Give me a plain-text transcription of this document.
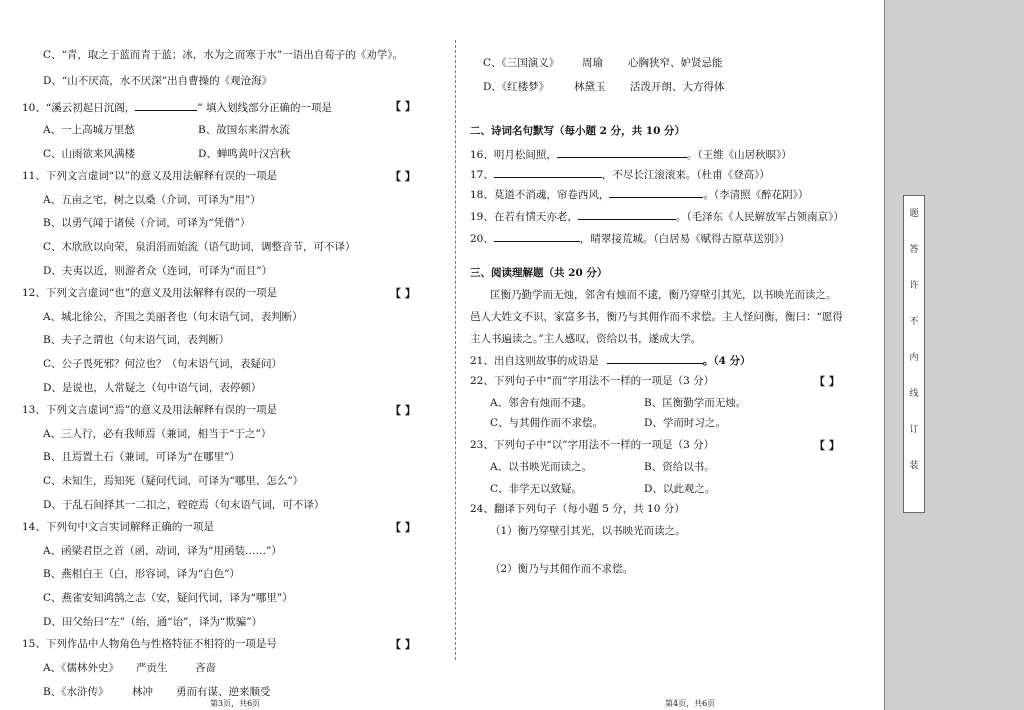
C、“青，取之于蓝而青于蓝；冰，水为之而寒于水”一语出自荀子的《劝学》。
D、“山不厌高，水不厌深”出自曹操的《观沧海》
10、“溪云初起日沉阁，	” 填入划线部分正确的一项是	【 】
A、一上高城万里愁	B、故国东来渭水流
C、山雨欲来风满楼	D、蝉鸣黄叶汉宫秋
11、下列文言虚词“以”的意义及用法解释有误的一项是	【 】
A、五亩之宅，树之以桑（介词，可译为“用”）
B、以勇气闻于诸侯（介词，可译为“凭借”）
C、木欣欣以向荣，泉涓涓而始流（语气助词，调整音节，可不译）
D、夫夷以近，则游者众（连词，可译为“而且”）
12、下列文言虚词“也”的意义及用法解释有误的一项是	【 】
A、城北徐公，齐国之美丽者也（句末语气词，表判断）
B、夫子之谓也（句末语气词，表判断）
C、公子畏死邪？何泣也？（句末语气词，表疑问）
D、是说也，人常疑之（句中语气词，表停顿）
13、下列文言虚词“焉”的意义及用法解释有误的一项是	【 】
A、三人行，必有我师焉（兼词，相当于“于之”）
B、且焉置土石（兼词，可译为“在哪里”）
C、未知生，焉知死（疑问代词，可译为“哪里、怎么”）
D、于乱石间择其一二扣之，硿硿焉（句末语气词，可不译）
14、下列句中文言实词解释正确的一项是	【 】
A、函梁君臣之首（函，动词，译为“用函装……”）
B、燕相白王（白，形容词，译为“白色”）
C、燕雀安知鸿鹄之志（安，疑问代词，译为“哪里”）
D、田父绐曰“左”（绐，通“诒”，译为“欺骗”）
15、下列作品中人物角色与性格特征不相符的一项是号	【 】
A、《儒林外史》 严贡生	吝啬
B、《水浒传》 林冲 勇而有谋、逆来顺受
第3页，共6页
C、《三国演义》 周瑜 心胸狭窄、妒贤忌能
D、《红楼梦》 林黛玉 活泼开朗、大方得体
二、诗词名句默写（每小题 2 分，共 10 分）
16、明月松间照，	。（王维《山居秋暝》）
17、	，不尽长江滚滚来。（杜甫《登高》）
18、莫道不消魂，帘卷西风，	。（李清照《醉花阴》）
19、在若有情天亦老，	。（毛泽东《人民解放军占领南京》）
20、	，晴翠接荒城。（白居易《赋得古原草送别》）
三、阅读理解题（共 20 分）
匡衡乃勤学而无烛，邻舍有烛而不逮，衡乃穿壁引其光，以书映光而读之。
邑人大姓文不识，家富多书，衡乃与其佣作而不求偿。主人怪问衡，衡曰：“愿得
主人书遍读之。”主人感叹，资给以书，遂成大学。
21、出自这则故事的成语是	。（4 分）
22、下列句子中“而”字用法不一样的一项是（3 分）	【 】
A、邻舍有烛而不逮。	B、匡衡勤学而无烛。
C、与其佣作而不求偿。	D、学而时习之。
23、下列句子中“以”字用法不一样的一项是（3 分）	【 】
A、以书映光而读之。	B、资给以书。
C、非学无以致疑。	D、以此观之。
24、翻译下列句子（每小题 5 分，共 10 分）
（1）衡乃穿壁引其光，以书映光而读之。
（2）衡乃与其佣作而不求偿。
第4页，共6页
装
订
线
内
不
许
答
题
